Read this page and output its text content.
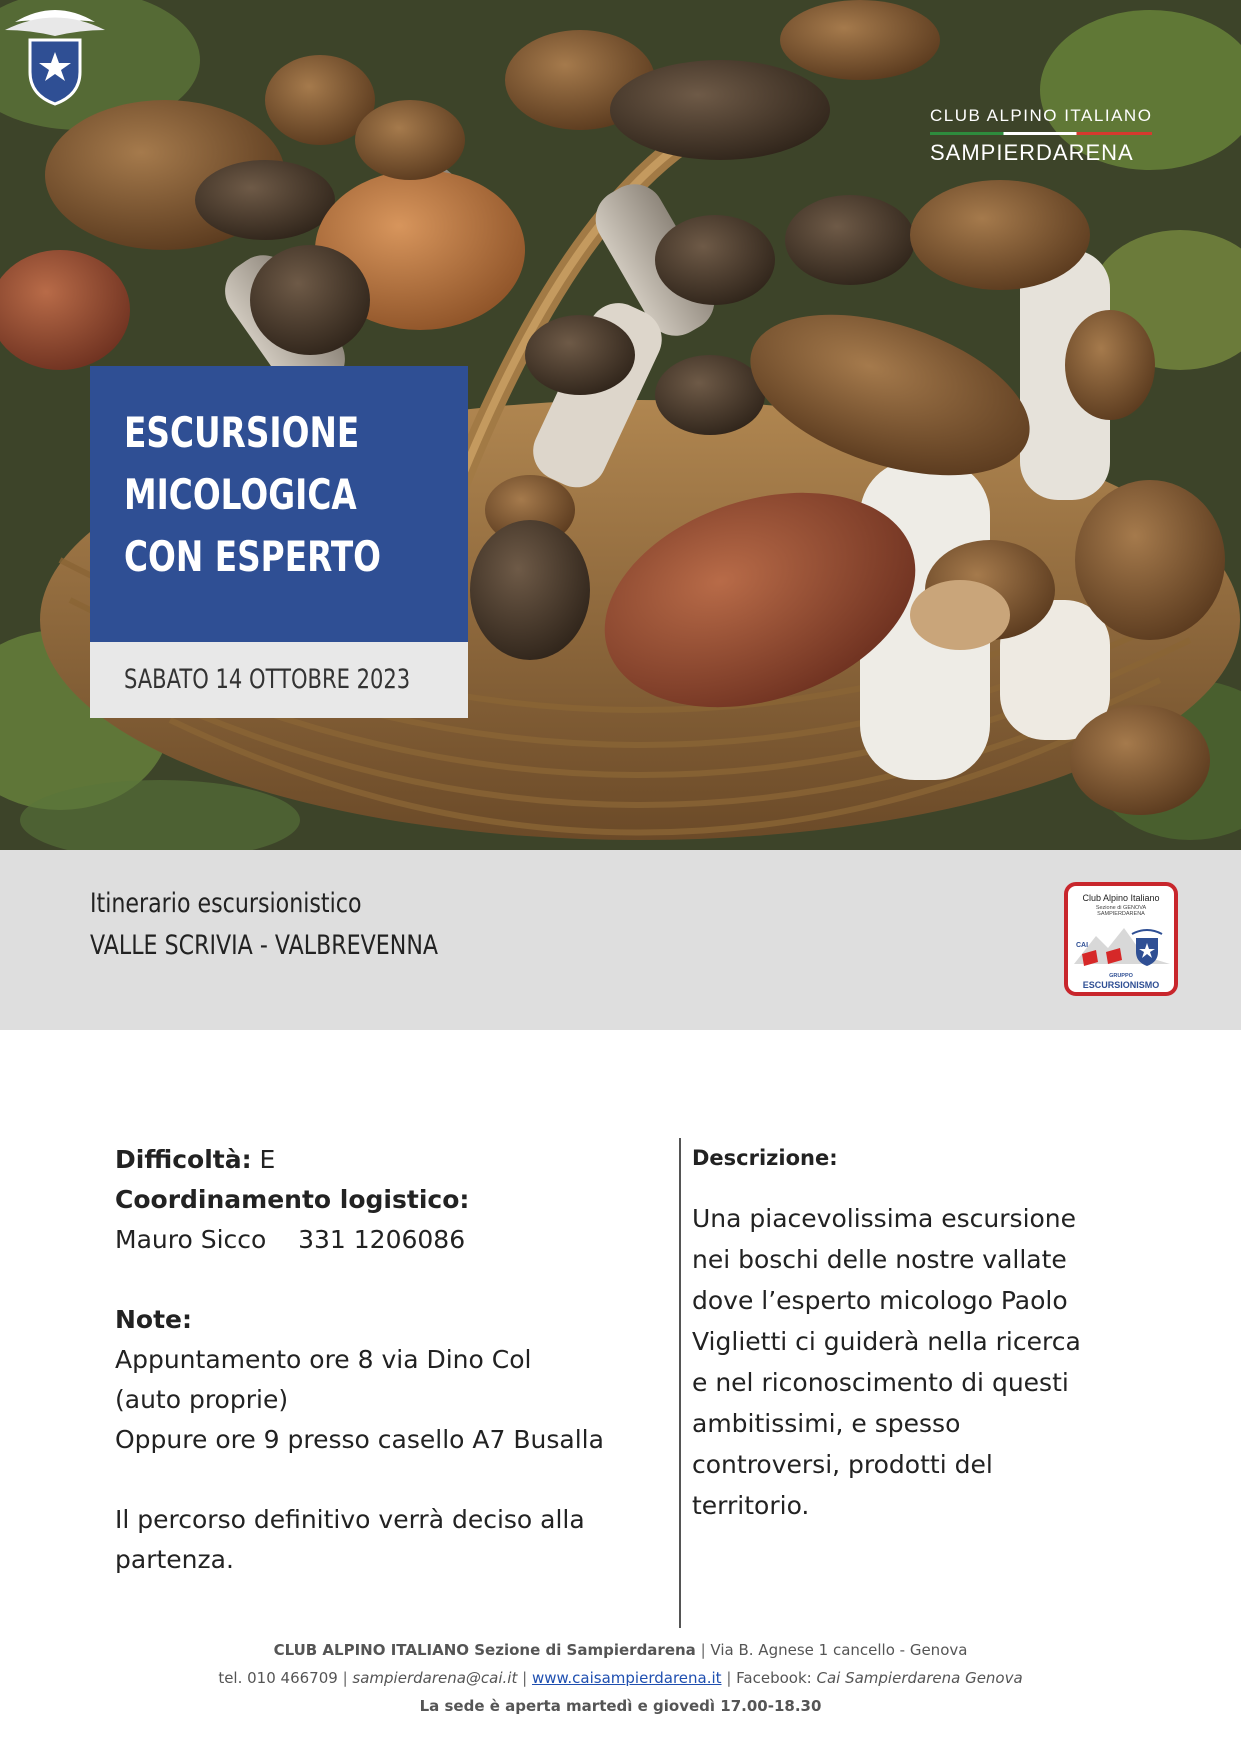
CLUB ALPINO ITALIANO
SAMPIERDARENA
ESCURSIONE
MICOLOGICA
CON ESPERTO
SABATO 14 OTTOBRE 2023
Itinerario escursionistico
VALLE SCRIVIA - VALBREVENNA
Club Alpino Italiano
Sezione di GENOVA
SAMPIERDARENA
CAI
GRUPPO
ESCURSIONISMO
Difficoltà: E
Coordinamento logistico:
Mauro Sicco 331 1206086
Note:
Appuntamento ore 8 via Dino Col
(auto proprie)
Oppure ore 9 presso casello A7 Busalla
Il percorso definitivo verrà deciso alla
partenza.
Descrizione:
Una piacevolissima escursione
nei boschi delle nostre vallate
dove l’esperto micologo Paolo
Viglietti ci guiderà nella ricerca
e nel riconoscimento di questi
ambitissimi, e spesso
controversi, prodotti del
territorio.
CLUB ALPINO ITALIANO Sezione di Sampierdarena | Via B. Agnese 1 cancello - Genova
tel. 010 466709 | sampierdarena@cai.it | www.caisampierdarena.it | Facebook: Cai Sampierdarena Genova
La sede è aperta martedì e giovedì 17.00-18.30
